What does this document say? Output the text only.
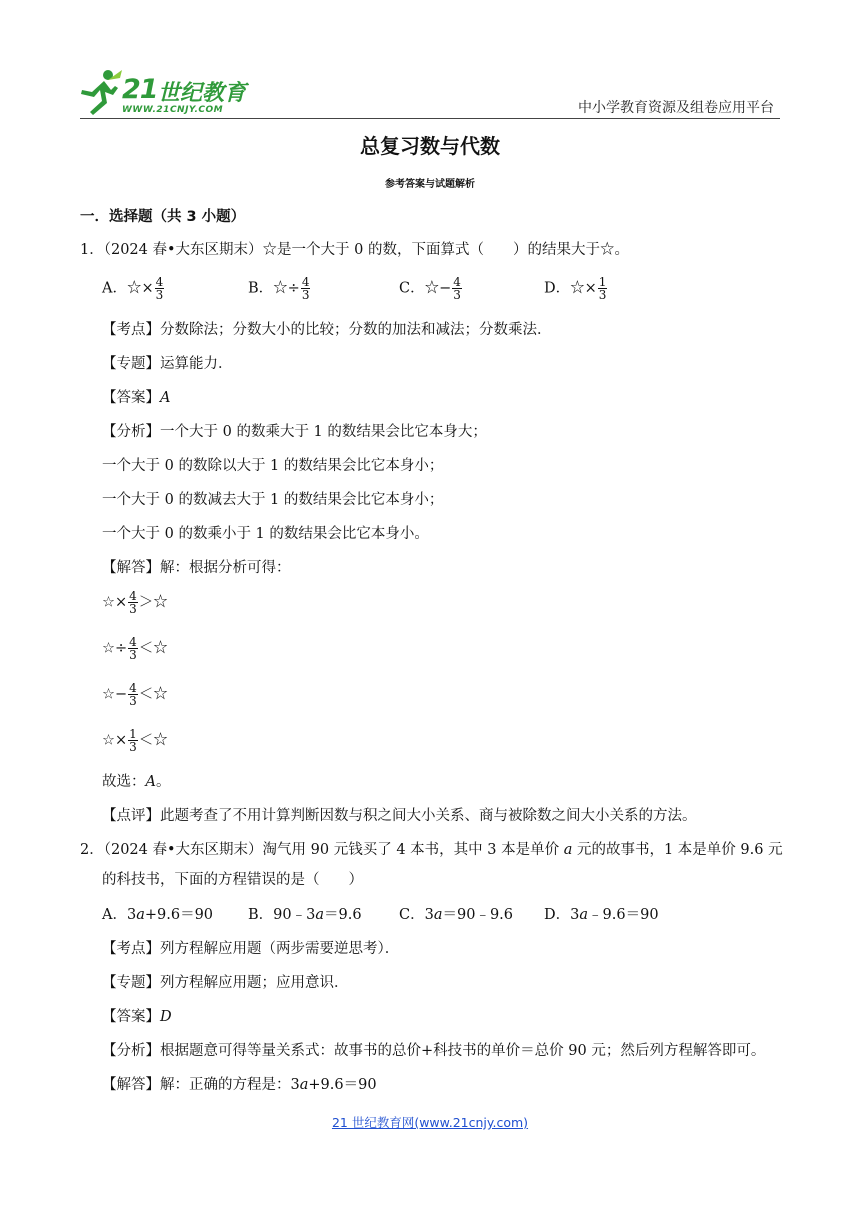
21 世纪教育
WWW.21CNJY.COM	中小学教育资源及组卷应用平台
总复习数与代数
参考答案与试题解析
一．选择题（共 3 小题）
1．（2024 春•大东区期末）☆是一个大于 0 的数，下面算式（　　）的结果大于☆。
A．☆× $\frac{4}{3}$	B．☆÷ $\frac{4}{3}$	C．☆− $\frac{4}{3}$	D．☆× $\frac{1}{3}$
【考点】分数除法；分数大小的比较；分数的加法和减法；分数乘法．
【专题】运算能力．
【答案】A
【分析】一个大于 0 的数乘大于 1 的数结果会比它本身大；
一个大于 0 的数除以大于 1 的数结果会比它本身小；
一个大于 0 的数减去大于 1 的数结果会比它本身小；
一个大于 0 的数乘小于 1 的数结果会比它本身小。
【解答】解：根据分析可得：
☆× $\frac{4}{3}$ ＞☆
☆÷ $\frac{4}{3}$ ＜☆
☆− $\frac{4}{3}$ ＜☆
☆× $\frac{1}{3}$ ＜☆
故选：A。
【点评】此题考查了不用计算判断因数与积之间大小关系、商与被除数之间大小关系的方法。
2．（2024 春•大东区期末）淘气用 90 元钱买了 4 本书，其中 3 本是单价 a 元的故事书，1 本是单价 9.6 元
的科技书，下面的方程错误的是（　　）
A．3a+9.6＝90 B．90﹣3a＝9.6	C．3a＝90﹣9.6 D．3a﹣9.6＝90
【考点】列方程解应用题（两步需要逆思考）．
【专题】列方程解应用题；应用意识．
【答案】D
【分析】根据题意可得等量关系式：故事书的总价+科技书的单价＝总价 90 元；然后列方程解答即可。
【解答】解：正确的方程是：3a+9.6＝90
21 世纪教育网(www.21cnjy.com)
